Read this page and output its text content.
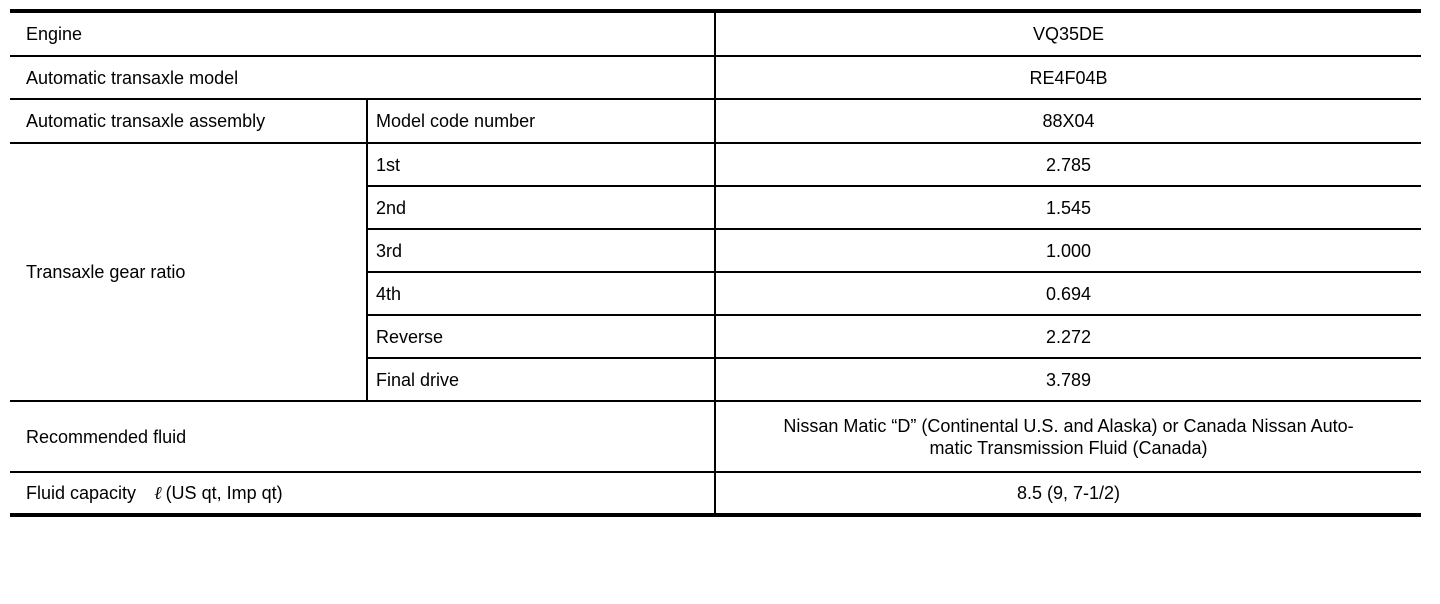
Engine		VQ35DE
Automatic transaxle model		RE4F04B
Automatic transaxle assembly	Model code number	88X04
Transaxle gear ratio	1st	2.785
	2nd	1.545
	3rd	1.000
	4th	0.694
	Reverse	2.272
	Final drive	3.789
Recommended fluid		Nissan Matic “D” (Continental U.S. and Alaska) or Canada Nissan Auto-
matic Transmission Fluid (Canada)

Fluid capacity ℓ (US qt, Imp qt)		8.5 (9, 7-1/2)
